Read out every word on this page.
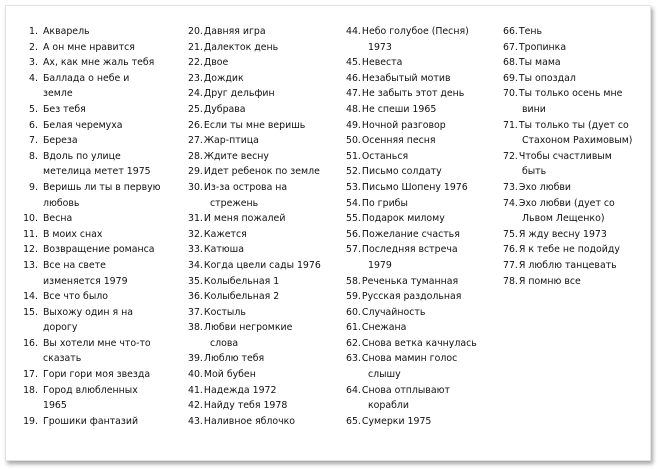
1. Акварель
2. А он мне нравится
3. Ах, как мне жаль тебя
4. Баллада о небе и
земле
5. Без тебя
6. Белая черемуха
7. Береза
8. Вдоль по улице
метелица метет 1975
9. Веришь ли ты в первую
любовь
10. Весна
11. В моих снах
12. Возвращение романса
13. Все на свете
изменяется 1979
14. Все что было
15. Выхожу один я на
дорогу
16. Вы хотели мне что-то
сказать
17. Гори гори моя звезда
18. Город влюбленных
1965
19. Грошики фантазий
20. Давняя игра
21. Далекток день
22. Двое
23. Дождик
24. Друг дельфин
25. Дубрава
26. Если ты мне веришь
27. Жар-птица
28. Ждите весну
29. Идет ребенок по земле
30. Из-за острова на
стрежень
31. И меня пожалей
32. Кажется
33. Катюша
34. Когда цвели сады 1976
35. Колыбельная 1
36. Колыбельная 2
37. Костыль
38. Любви негромкие
слова
39. Люблю тебя
40. Мой бубен
41. Надежда 1972
42. Найду тебя 1978
43. Наливное яблочко
44. Небо голубое (Песня)
1973
45. Невеста
46. Незабытый мотив
47. Не забыть этот день
48. Не спеши 1965
49. Ночной разговор
50. Осенняя песня
51. Останься
52. Письмо солдату
53. Письмо Шопену 1976
54. По грибы
55. Подарок милому
56. Пожелание счастья
57. Последняя встреча
1979
58. Реченька туманная
59. Русская раздольная
60. Случайность
61. Снежана
62. Снова ветка качнулась
63. Снова мамин голос
слышу
64. Снова отплывают
корабли
65. Сумерки 1975
66. Тень
67. Тропинка
68. Ты мама
69. Ты опоздал
70. Ты только осень мне
вини
71. Ты только ты (дует со
Стахоном Рахимовым)
72. Чтобы счастливым
быть
73. Эхо любви
74. Эхо любви (дует со
Львом Лещенко)
75. Я жду весну 1973
76. Я к тебе не подойду
77. Я люблю танцевать
78. Я помню все
